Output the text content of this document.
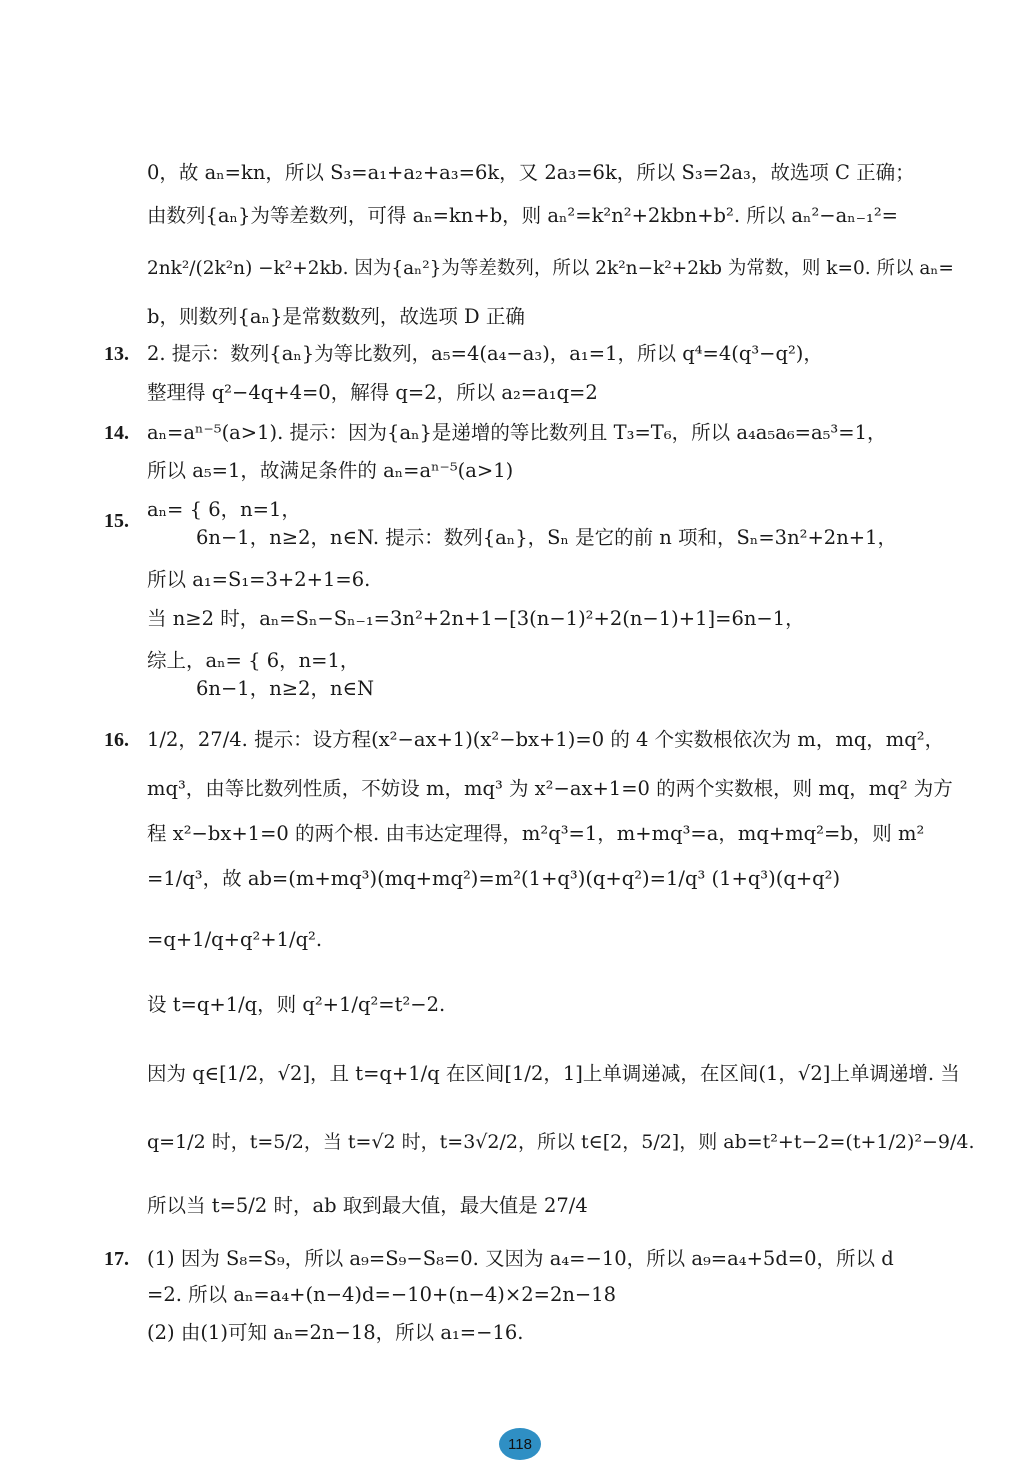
0，故 aₙ=kn，所以 S₃=a₁+a₂+a₃=6k，又 2a₃=6k，所以 S₃=2a₃，故选项 C 正确；
由数列{aₙ}为等差数列，可得 aₙ=kn+b，则 aₙ²=k²n²+2kbn+b². 所以 aₙ²−aₙ₋₁²=
2nk²/(2k²n) −k²+2kb. 因为{aₙ²}为等差数列，所以 2k²n−k²+2kb 为常数，则 k=0. 所以 aₙ=
b，则数列{aₙ}是常数数列，故选项 D 正确
13. 2. 提示：数列{aₙ}为等比数列，a₅=4(a₄−a₃)，a₁=1，所以 q⁴=4(q³−q²)，
整理得 q²−4q+4=0，解得 q=2，所以 a₂=a₁q=2
14. aₙ=aⁿ⁻⁵(a>1). 提示：因为{aₙ}是递增的等比数列且 T₃=T₆，所以 a₄a₅a₆=a₅³=1，
所以 a₅=1，故满足条件的 aₙ=aⁿ⁻⁵(a>1)
15. aₙ= { 6，n=1，
6n−1，n≥2，n∈N. 提示：数列{aₙ}，Sₙ 是它的前 n 项和，Sₙ=3n²+2n+1，
所以 a₁=S₁=3+2+1=6.
当 n≥2 时，aₙ=Sₙ−Sₙ₋₁=3n²+2n+1−[3(n−1)²+2(n−1)+1]=6n−1，
综上，aₙ= { 6，n=1，
6n−1，n≥2，n∈N
16. 1/2，27/4. 提示：设方程(x²−ax+1)(x²−bx+1)=0 的 4 个实数根依次为 m，mq，mq²，
mq³，由等比数列性质，不妨设 m，mq³ 为 x²−ax+1=0 的两个实数根，则 mq，mq² 为方
程 x²−bx+1=0 的两个根. 由韦达定理得，m²q³=1，m+mq³=a，mq+mq²=b，则 m²
=1/q³，故 ab=(m+mq³)(mq+mq²)=m²(1+q³)(q+q²)=1/q³ (1+q³)(q+q²)
=q+1/q+q²+1/q².
设 t=q+1/q，则 q²+1/q²=t²−2.
因为 q∈[1/2，√2]，且 t=q+1/q 在区间[1/2，1]上单调递减，在区间(1，√2]上单调递增. 当
q=1/2 时，t=5/2，当 t=√2 时，t=3√2/2，所以 t∈[2，5/2]，则 ab=t²+t−2=(t+1/2)²−9/4.
所以当 t=5/2 时，ab 取到最大值，最大值是 27/4
17. (1) 因为 S₈=S₉，所以 a₉=S₉−S₈=0. 又因为 a₄=−10，所以 a₉=a₄+5d=0，所以 d
=2. 所以 aₙ=a₄+(n−4)d=−10+(n−4)×2=2n−18
(2) 由(1)可知 aₙ=2n−18，所以 a₁=−16.
118
